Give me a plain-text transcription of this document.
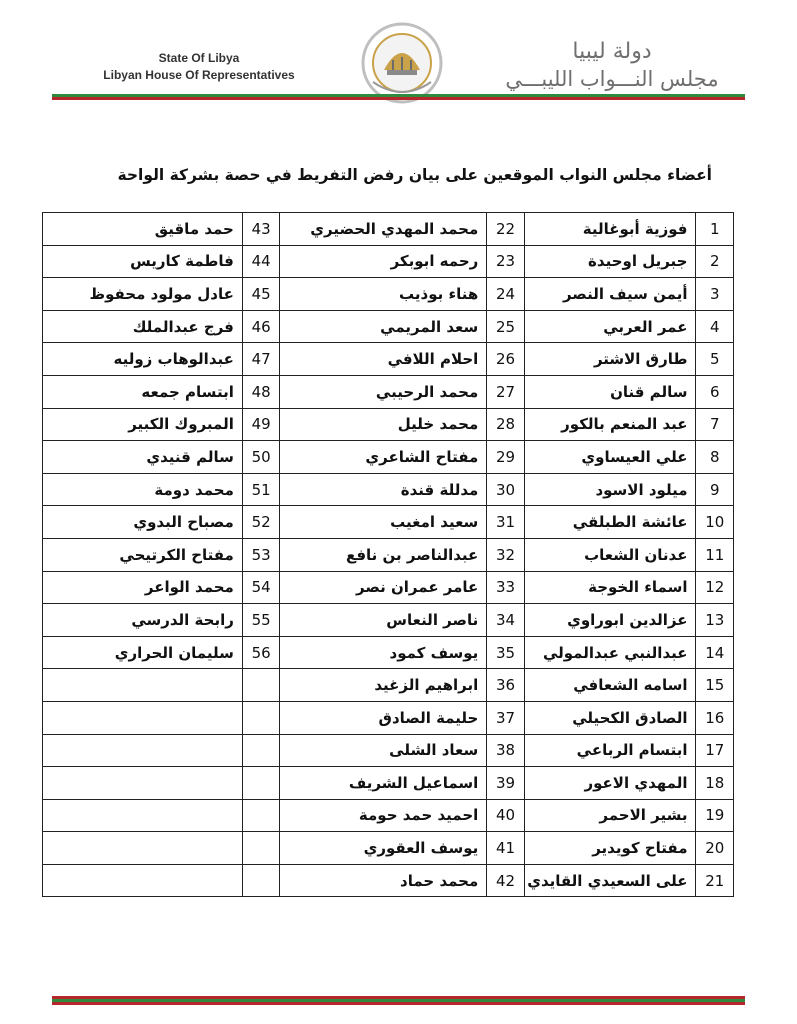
State Of Libya
Libyan House Of Representatives
دولة ليبيا
مجلس النـــواب الليبـــي
أعضاء مجلس النواب الموقعين على بيان رفض التفريط في حصة بشركة الواحة
1	فوزية أبوغالية	22	محمد المهدي الحضيري	43	حمد ماقيق
2	جبريل اوحيدة	23	رحمه ابوبكر	44	فاطمة كاريس
3	أيمن سيف النصر	24	هناء بوذيب	45	عادل مولود محفوظ
4	عمر العربي	25	سعد المريمي	46	فرج عبدالملك
5	طارق الاشتر	26	احلام اللافي	47	عبدالوهاب زوليه
6	سالم قنان	27	محمد الرحيبي	48	ابتسام جمعه
7	عبد المنعم بالكور	28	محمد خليل	49	المبروك الكبير
8	علي العيساوي	29	مفتاح الشاعري	50	سالم قنيدي
9	ميلود الاسود	30	مدللة قندة	51	محمد دومة
10	عائشة الطبلقي	31	سعيد امغيب	52	مصباح البدوي
11	عدنان الشعاب	32	عبدالناصر بن نافع	53	مفتاح الكرتيحي
12	اسماء الخوجة	33	عامر عمران نصر	54	محمد الواعر
13	عزالدين ابوراوي	34	ناصر النعاس	55	رابحة الدرسي
14	عبدالنبي عبدالمولي	35	يوسف كمود	56	سليمان الحراري
15	اسامه الشعافي	36	ابراهيم الزغيد		
16	الصادق الكحيلي	37	حليمة الصادق		
17	ابتسام الرباعي	38	سعاد الشلى		
18	المهدي الاعور	39	اسماعيل الشريف		
19	بشير الاحمر	40	احميد حمد حومة		
20	مفتاح كويدير	41	يوسف العقوري		
21	على السعيدي القايدي	42	محمد حماد		
